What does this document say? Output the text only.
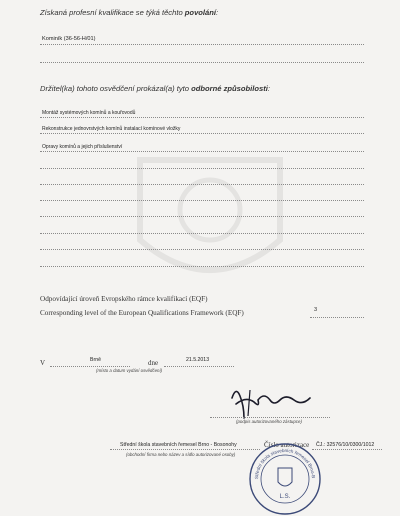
Získaná profesní kvalifikace se týká těchto povolání:
Kominík (36-56-H/01)
Držitel(ka) tohoto osvědčení prokázal(a) tyto odborné způsobilosti:
Montáž systémových komínů a kouřovodů
Rekonstrukce jednovrstvých komínů instalací komínové vložky
Opravy komínů a jejich příslušenství
Odpovídající úroveň Evropského rámce kvalifikací (EQF)
Corresponding level of the European Qualifications Framework (EQF)	3
V	Brně	dne	21.5.2013
(místo a datum vydání osvědčení)
(podpis autorizovaného zástupce)
Střední škola stavebních řemesel Brno - Bosonohy	Číslo autorizace ČJ.: 32576/10/0300/1012
(obchodní firma nebo název a sídlo autorizované osoby)
L.S.
Střední škola stavebních řemesel Brno-B
